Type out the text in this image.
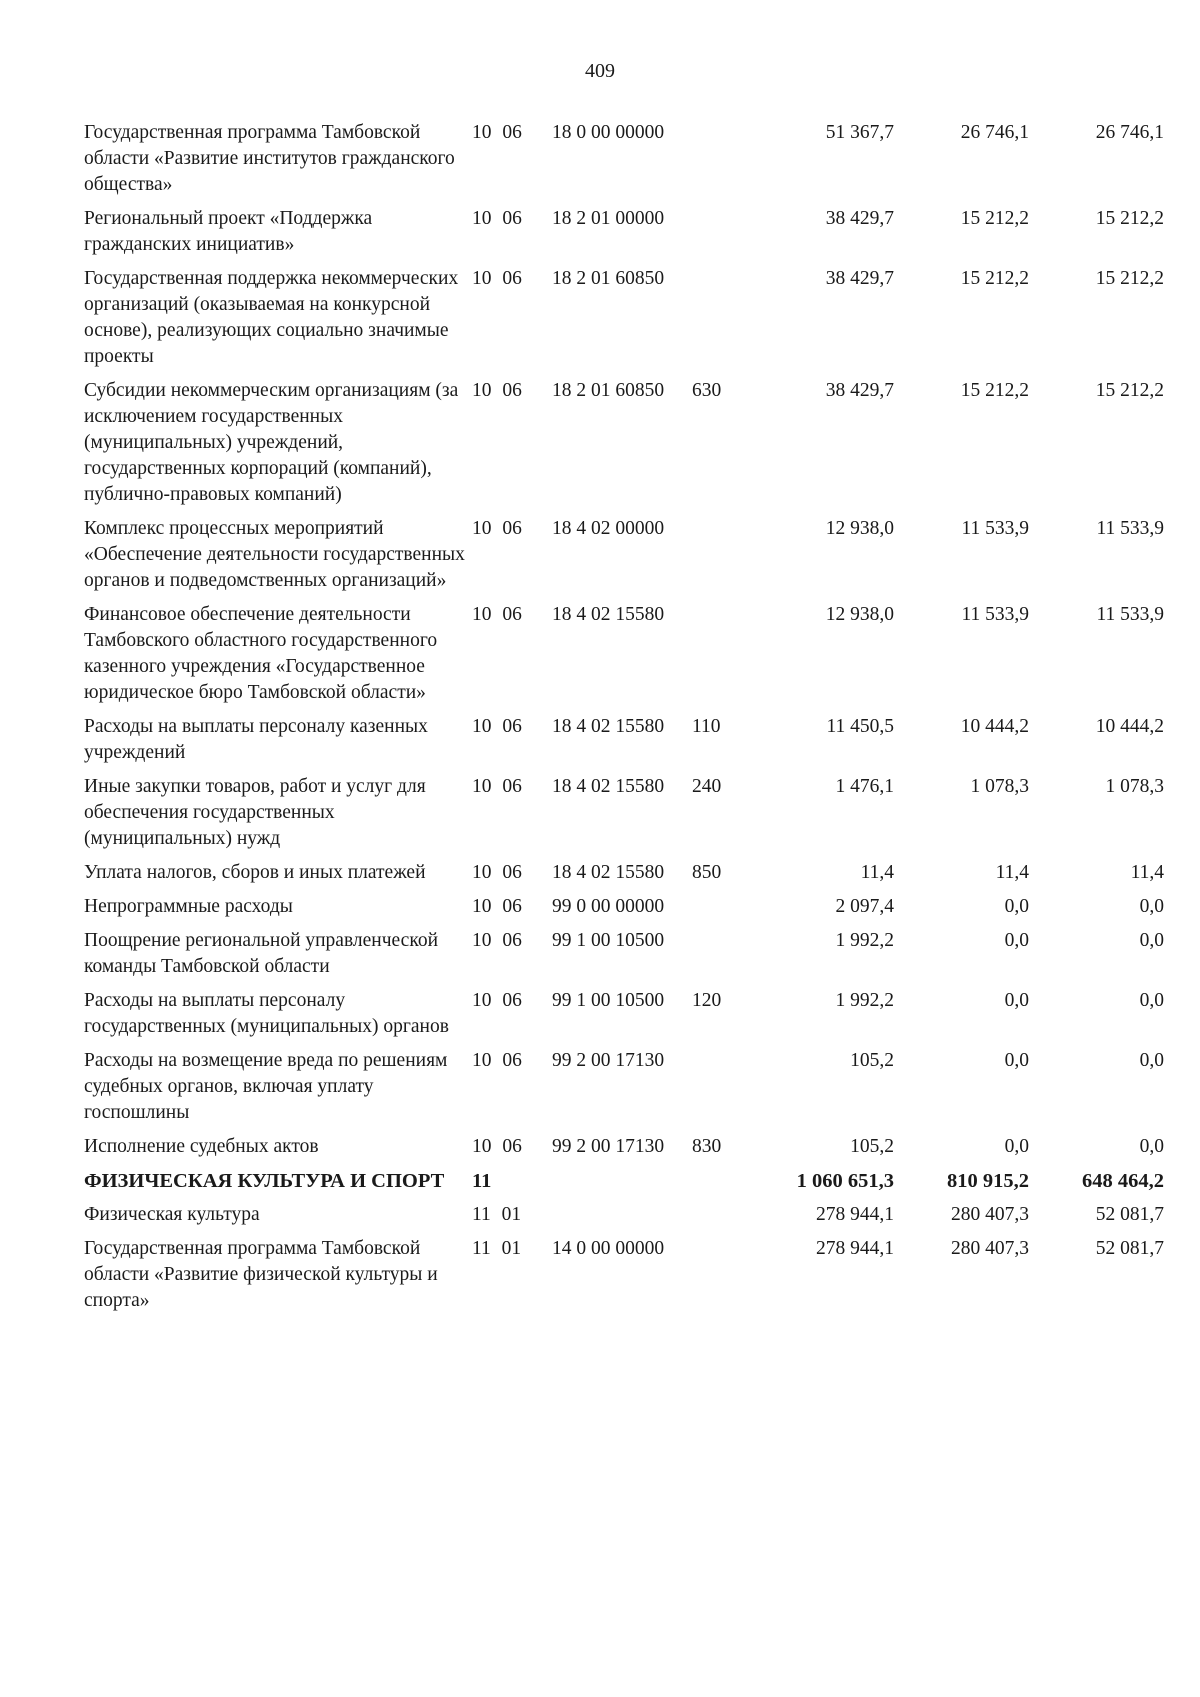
409
Государственная программа Тамбовской области «Развитие институтов гражданского общества»
10 06	18 0 00 00000	51 367,7	26 746,1	26 746,1
Региональный проект «Поддержка гражданских инициатив»
10 06	18 2 01 00000	38 429,7	15 212,2	15 212,2
Государственная поддержка некоммерческих организаций (оказываемая на конкурсной основе), реализующих социально значимые проекты
10 06	18 2 01 60850	38 429,7	15 212,2	15 212,2
Субсидии некоммерческим организациям (за исключением государственных (муниципальных) учреждений, государственных корпораций (компаний), публично-правовых компаний)
10 06	18 2 01 60850	630	38 429,7	15 212,2	15 212,2
Комплекс процессных мероприятий «Обеспечение деятельности государственных органов и подведомственных организаций»
10 06	18 4 02 00000	12 938,0	11 533,9	11 533,9
Финансовое обеспечение деятельности Тамбовского областного государственного казенного учреждения «Государственное юридическое бюро Тамбовской области»
10 06	18 4 02 15580	12 938,0	11 533,9	11 533,9
Расходы на выплаты персоналу казенных учреждений
10 06	18 4 02 15580	110	11 450,5	10 444,2	10 444,2
Иные закупки товаров, работ и услуг для обеспечения государственных (муниципальных) нужд
10 06	18 4 02 15580	240	1 476,1	1 078,3	1 078,3
Уплата налогов, сборов и иных платежей	10 06	18 4 02 15580	850	11,4	11,4	11,4
Непрограммные расходы	10 06	99 0 00 00000	2 097,4	0,0	0,0
Поощрение региональной управленческой команды Тамбовской области
10 06	99 1 00 10500	1 992,2	0,0	0,0
Расходы на выплаты персоналу государственных (муниципальных) органов
10 06	99 1 00 10500	120	1 992,2	0,0	0,0
Расходы на возмещение вреда по решениям судебных органов, включая уплату госпошлины
10 06	99 2 00 17130	105,2	0,0	0,0
Исполнение судебных актов	10 06	99 2 00 17130	830	105,2	0,0	0,0
ФИЗИЧЕСКАЯ КУЛЬТУРА И СПОРТ	11	1 060 651,3	810 915,2	648 464,2
Физическая культура	11 01	278 944,1	280 407,3	52 081,7
Государственная программа Тамбовской области «Развитие физической культуры и спорта»
11 01	14 0 00 00000	278 944,1	280 407,3	52 081,7
